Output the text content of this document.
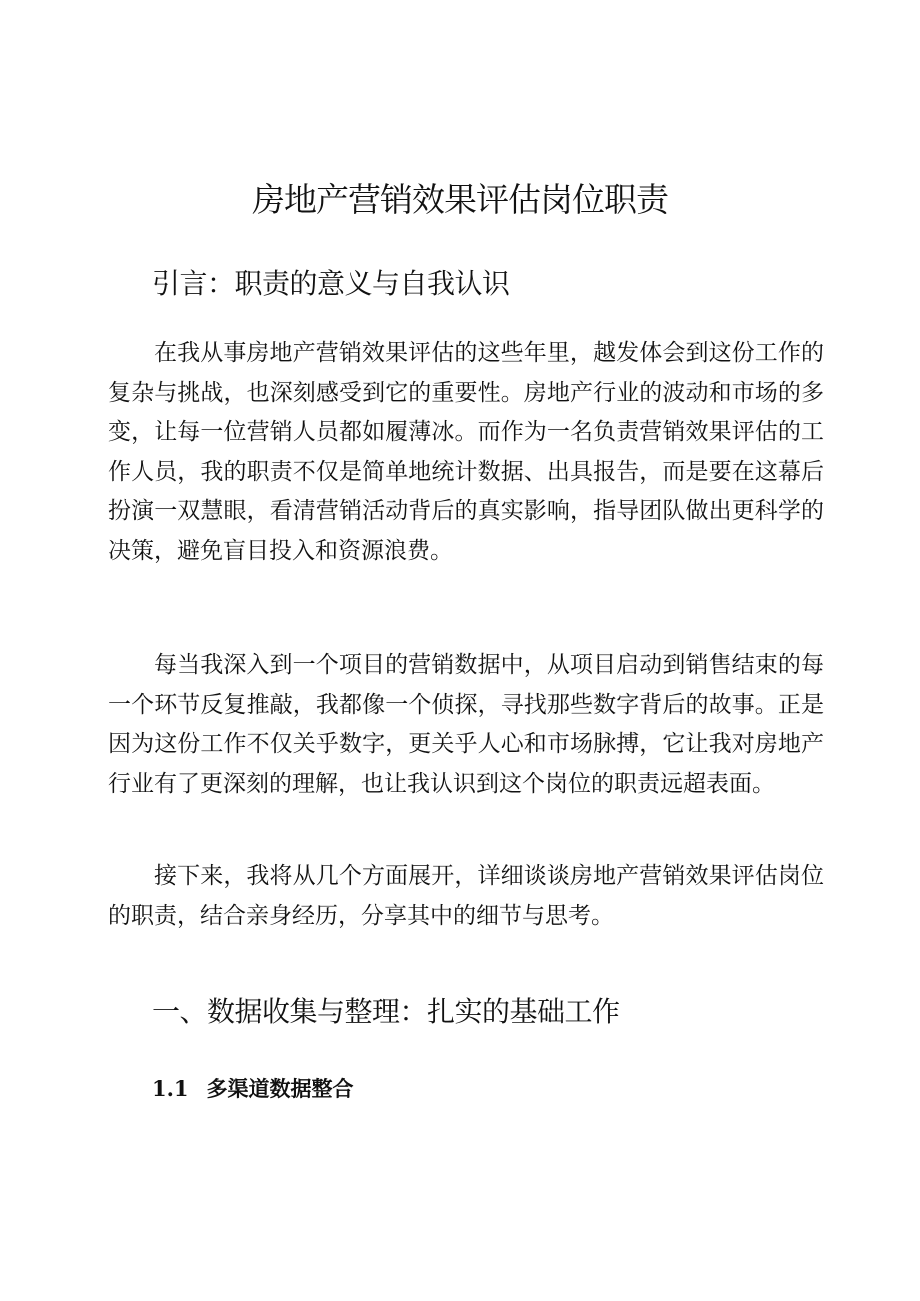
房地产营销效果评估岗位职责
引言：职责的意义与自我认识

在我从事房地产营销效果评估的这些年里，越发体会到这份工作的复杂与挑战，也深刻感受到它的重要性。房地产行业的波动和市场的多变，让每一位营销人员都如履薄冰。而作为一名负责营销效果评估的工作人员，我的职责不仅是简单地统计数据、出具报告，而是要在这幕后扮演一双慧眼，看清营销活动背后的真实影响，指导团队做出更科学的决策，避免盲目投入和资源浪费。

每当我深入到一个项目的营销数据中，从项目启动到销售结束的每一个环节反复推敲，我都像一个侦探，寻找那些数字背后的故事。正是因为这份工作不仅关乎数字，更关乎人心和市场脉搏，它让我对房地产行业有了更深刻的理解，也让我认识到这个岗位的职责远超表面。

接下来，我将从几个方面展开，详细谈谈房地产营销效果评估岗位的职责，结合亲身经历，分享其中的细节与思考。

一、数据收集与整理：扎实的基础工作
1.1 多渠道数据整合
